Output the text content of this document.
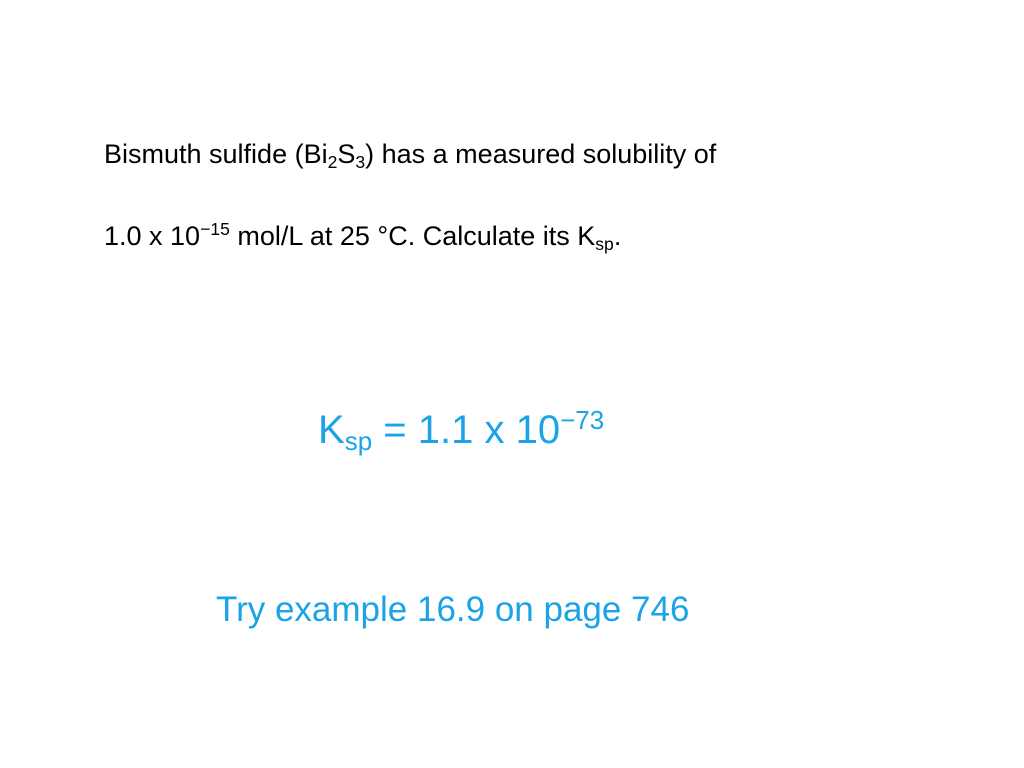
Bismuth sulfide $(Bi_2S_3)$ has a measured solubility of
1.0 x $10^{-15}$ mol/L at 25 °C. Calculate its $K_{sp}$.
$K_{sp} = 1.1$ x $10^{-73}$
Try example 16.9 on page 746
